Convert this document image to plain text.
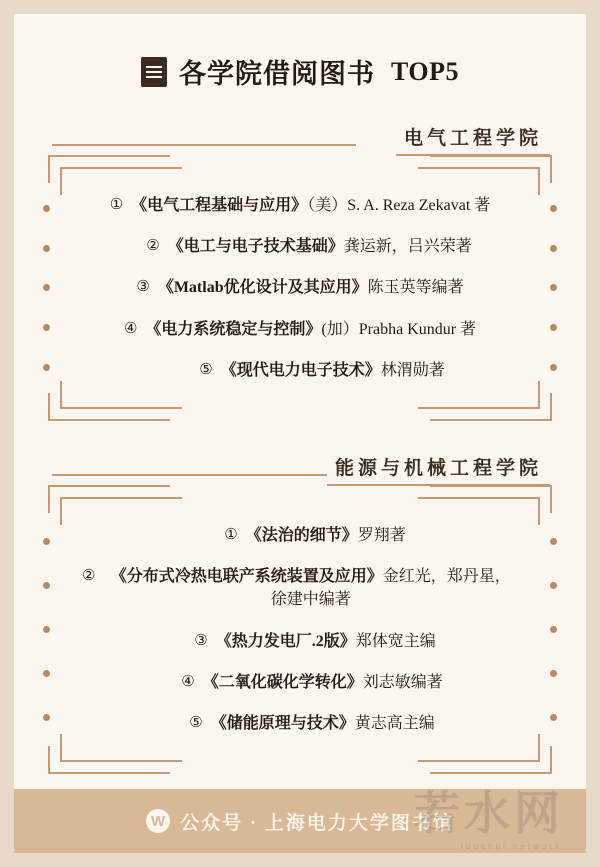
各学院借阅图书 TOP5
电气工程学院
① 《电气工程基础与应用》（美）S. A. Reza Zekavat 著
② 《电工与电子技术基础》龚运新，吕兴荣著
③ 《Matlab优化设计及其应用》陈玉英等编著
④ 《电力系统稳定与控制》(加）Prabha Kundur 著
⑤ 《现代电力电子技术》林渭勋著
能源与机械工程学院
① 《法治的细节》罗翔著
② 《分布式冷热电联产系统装置及应用》金红光，郑丹星，徐建中编著
③ 《热力发电厂.2版》郑体宽主编
④ 《二氧化碳化学转化》刘志敏编著
⑤ 《储能原理与技术》黄志高主编
W 公众号 · 上海电力大学图书馆
若水网
ruoshui network
